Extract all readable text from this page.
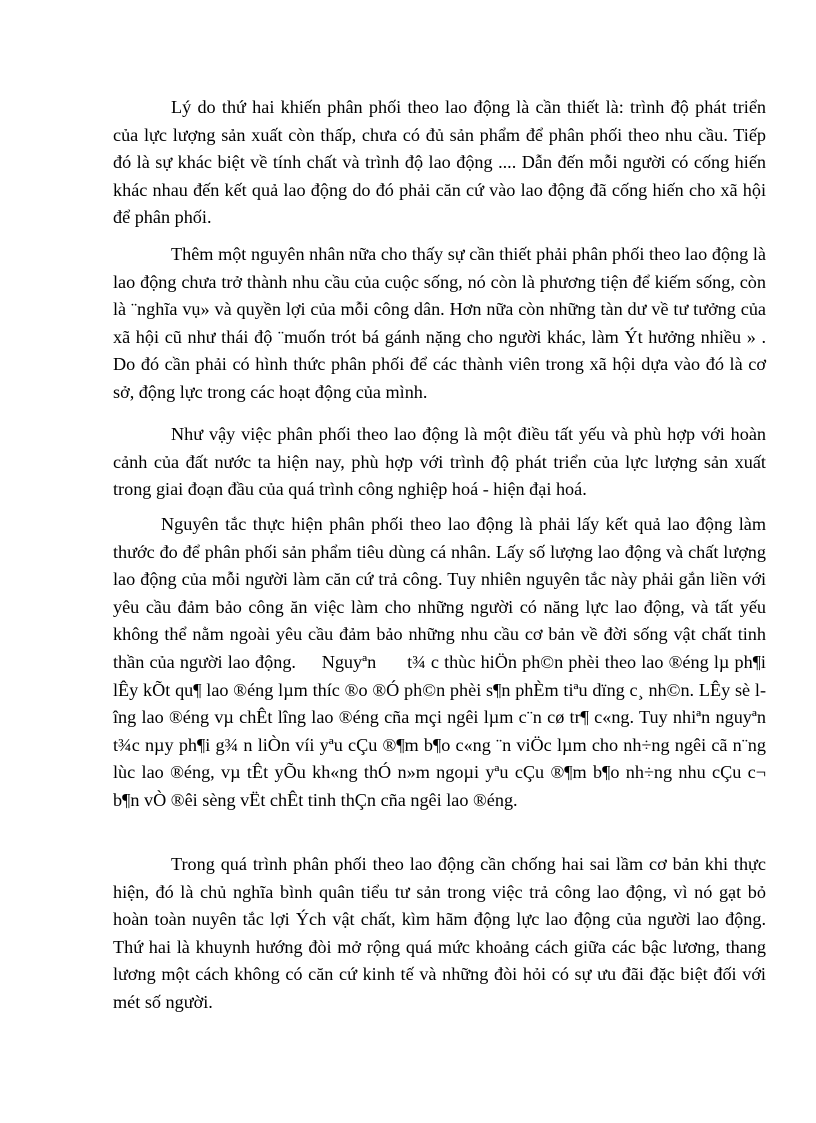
Lý do thứ hai khiến phân phối theo lao động là cần thiết là: trình độ phát triển của lực lượng sản xuất còn thấp, chưa có đủ sản phẩm để phân phối theo nhu cầu. Tiếp đó là sự khác biệt về tính chất và trình độ lao động .... Dẫn đến mỗi người có cống hiến khác nhau đến kết quả lao động do đó phải căn cứ vào lao động đã cống hiến cho xã hội để phân phối.

Thêm một nguyên nhân nữa cho thấy sự cần thiết phải phân phối theo lao động là lao động chưa trở thành nhu cầu của cuộc sống, nó còn là phương tiện để kiếm sống, còn là ¨nghĩa vụ» và quyền lợi của mỗi công dân. Hơn nữa còn những tàn dư về tư tưởng của xã hội cũ như thái độ ¨muốn trót bá gánh nặng cho người khác, làm Ýt hưởng nhiều » . Do đó cần phải có hình thức phân phối để các thành viên trong xã hội dựa vào đó là cơ sở, động lực trong các hoạt động của mình.

Như vậy việc phân phối theo lao động là một điều tất yếu và phù hợp với hoàn cảnh của đất nước ta hiện nay, phù hợp với trình độ phát triển của lực lượng sản xuất trong giai đoạn đầu của quá trình công nghiệp hoá - hiện đại hoá.

Nguyên tắc thực hiện phân phối theo lao động là phải lấy kết quả lao động làm thước đo để phân phối sản phẩm tiêu dùng cá nhân. Lấy số lượng lao động và chất lượng lao động của mỗi người làm căn cứ trả công. Tuy nhiên nguyên tắc này phải gắn liền với yêu cầu đảm bảo công ăn việc làm cho những người có năng lực lao động, và tất yếu không thể nằm ngoài yêu cầu đảm bảo những nhu cầu cơ bản về đời sống vật chất tinh thần của người lao động.     Nguyªn      t¾ c thùc hiÖn ph©n phèi theo lao ®éng lµ ph¶i lÊy kÕt qu¶ lao ®éng lµm thíc ®o ®Ó ph©n phèi s¶n phÈm tiªu dïng c¸ nh©n. LÊy sè lîng lao ®éng vµ chÊt lîng lao ®éng cña mçi ngêi lµm c¨n cø tr¶ c«ng. Tuy nhiªn nguyªn t¾c nµy ph¶i g¾ n liÒn víi yªu cÇu ®¶m b¶o c«ng ¨n viÖc lµm cho nh÷ng ngêi cã n¨ng lùc lao ®éng, vµ tÊt yÕu kh«ng thÓ n»m ngoµi yªu cÇu ®¶m b¶o nh÷ng nhu cÇu c¬ b¶n vÒ ®êi sèng vËt chÊt tinh thÇn cña ngêi lao ®éng.

Trong quá trình phân phối theo lao động cần chống hai sai lầm cơ bản khi thực hiện, đó là chủ nghĩa bình quân tiểu tư sản trong việc trả công lao động, vì nó gạt bỏ hoàn toàn nuyên tắc lợi Ých vật chất, kìm hãm động lực lao động của người lao động. Thứ hai là khuynh hướng đòi mở rộng quá mức khoảng cách giữa các bậc lương, thang lương một cách không có căn cứ kinh tế và những đòi hỏi có sự ưu đãi đặc biệt đối với mét số người.
